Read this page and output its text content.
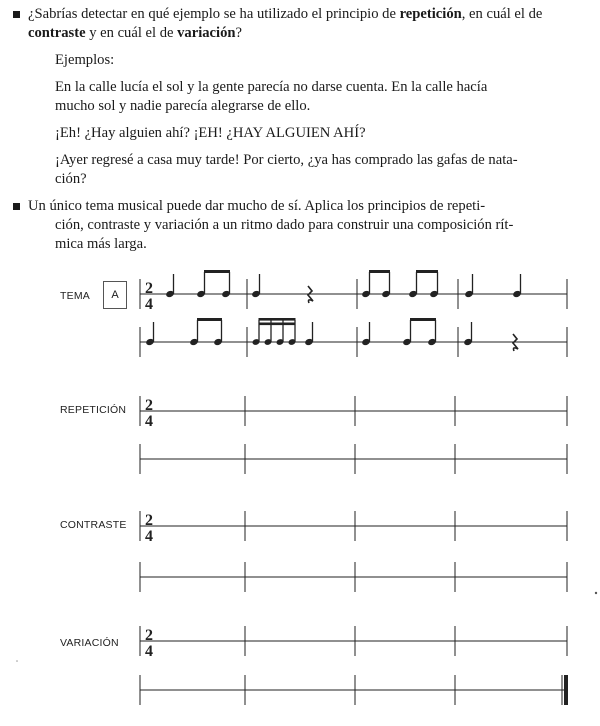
¿Sabrías detectar en qué ejemplo se ha utilizado el principio de repetición, en cuál el de contraste y en cuál el de variación?

Ejemplos:
En la calle lucía el sol y la gente parecía no darse cuenta. En la calle hacía
mucho sol y nadie parecía alegrarse de ello.
¡Eh! ¿Hay alguien ahí? ¡EH! ¿HAY ALGUIEN AHÍ?
¡Ayer regresé a casa muy tarde! Por cierto, ¿ya has comprado las gafas de nata-
ción?
Un único tema musical puede dar mucho de sí. Aplica los principios de repeti-
ción, contraste y variación a un ritmo dado para construir una composición rít-
mica más larga.
TEMA	A
REPETICIÓN
CONTRASTE
VARIACIÓN
2
4
2
4
2
4
2
4
